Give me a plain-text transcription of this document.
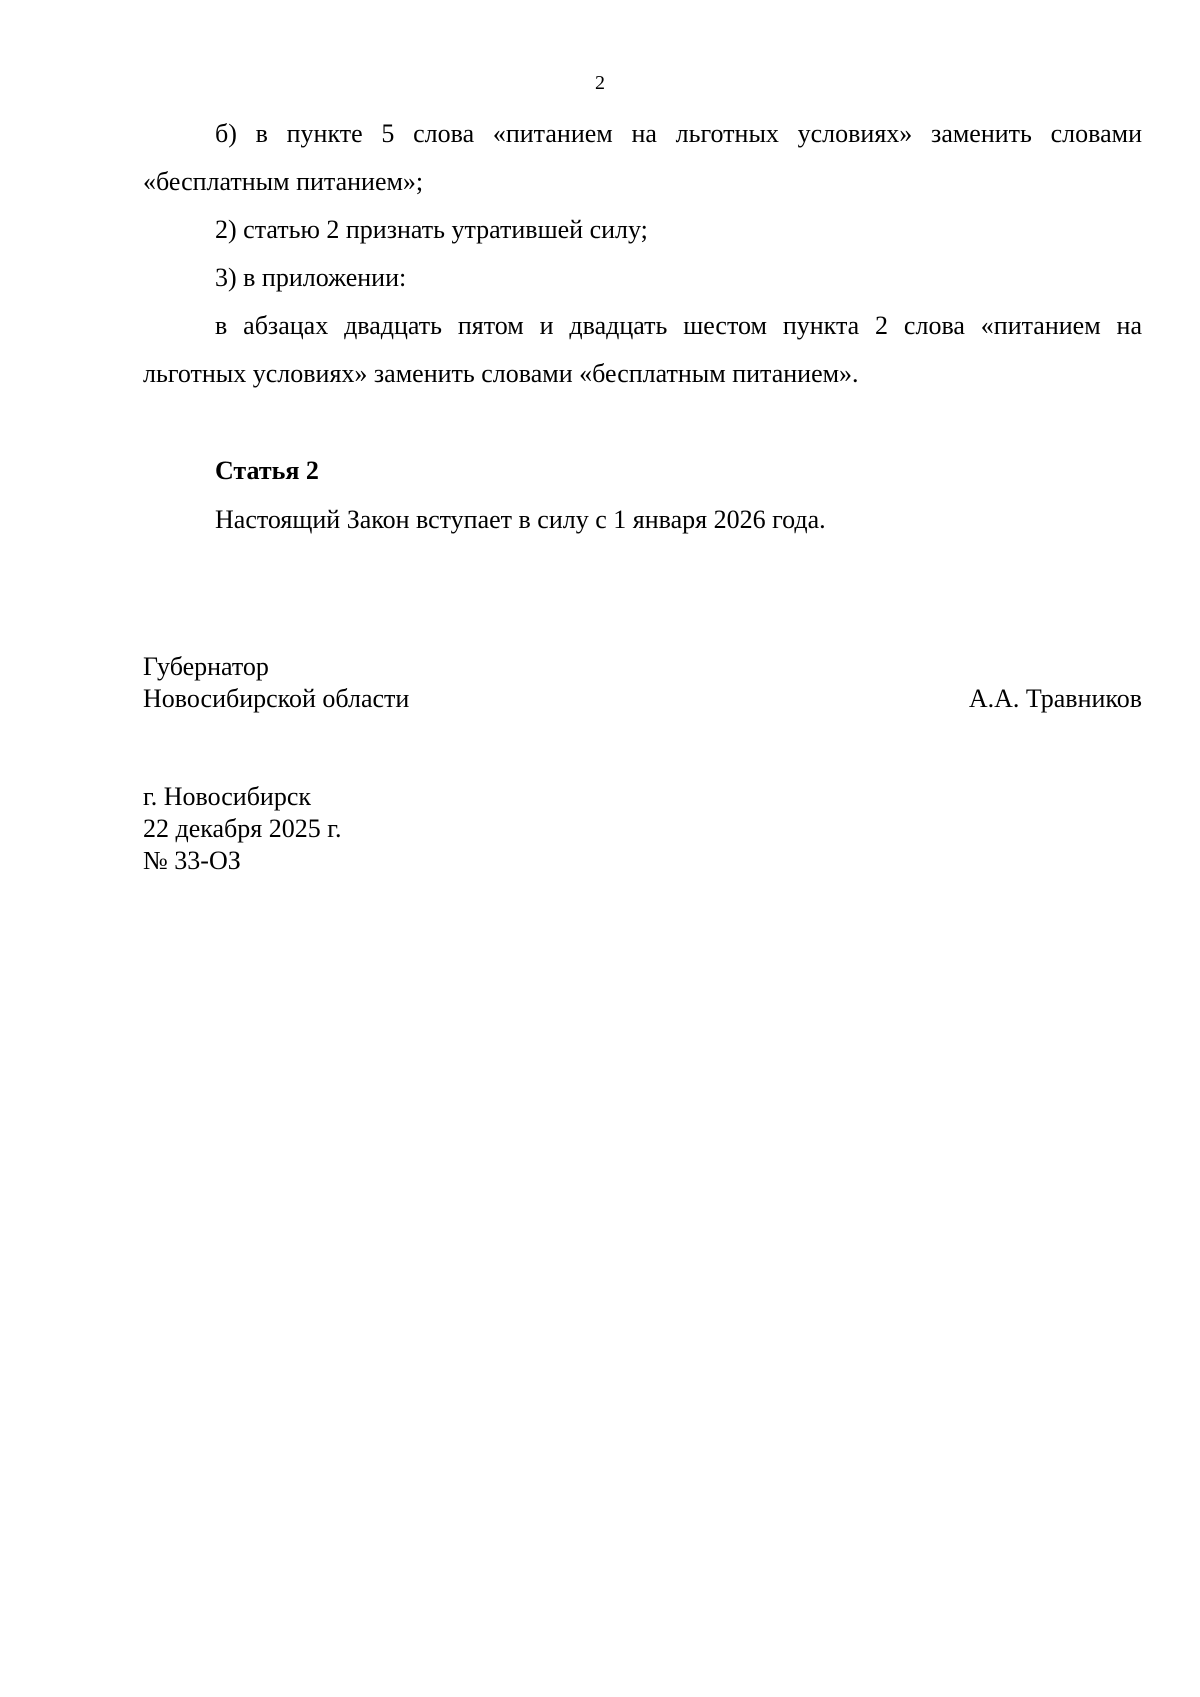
2

б) в пункте 5 слова «питанием на льготных условиях» заменить словами «бесплатным питанием»;

2) статью 2 признать утратившей силу;

3) в приложении:

в абзацах двадцать пятом и двадцать шестом пункта 2 слова «питанием на льготных условиях» заменить словами «бесплатным питанием».

Статья 2
Настоящий Закон вступает в силу с 1 января 2026 года.
Губернатор
Новосибирской области	А.А. Травников
г. Новосибирск
22 декабря 2025 г.
№ 33-ОЗ
